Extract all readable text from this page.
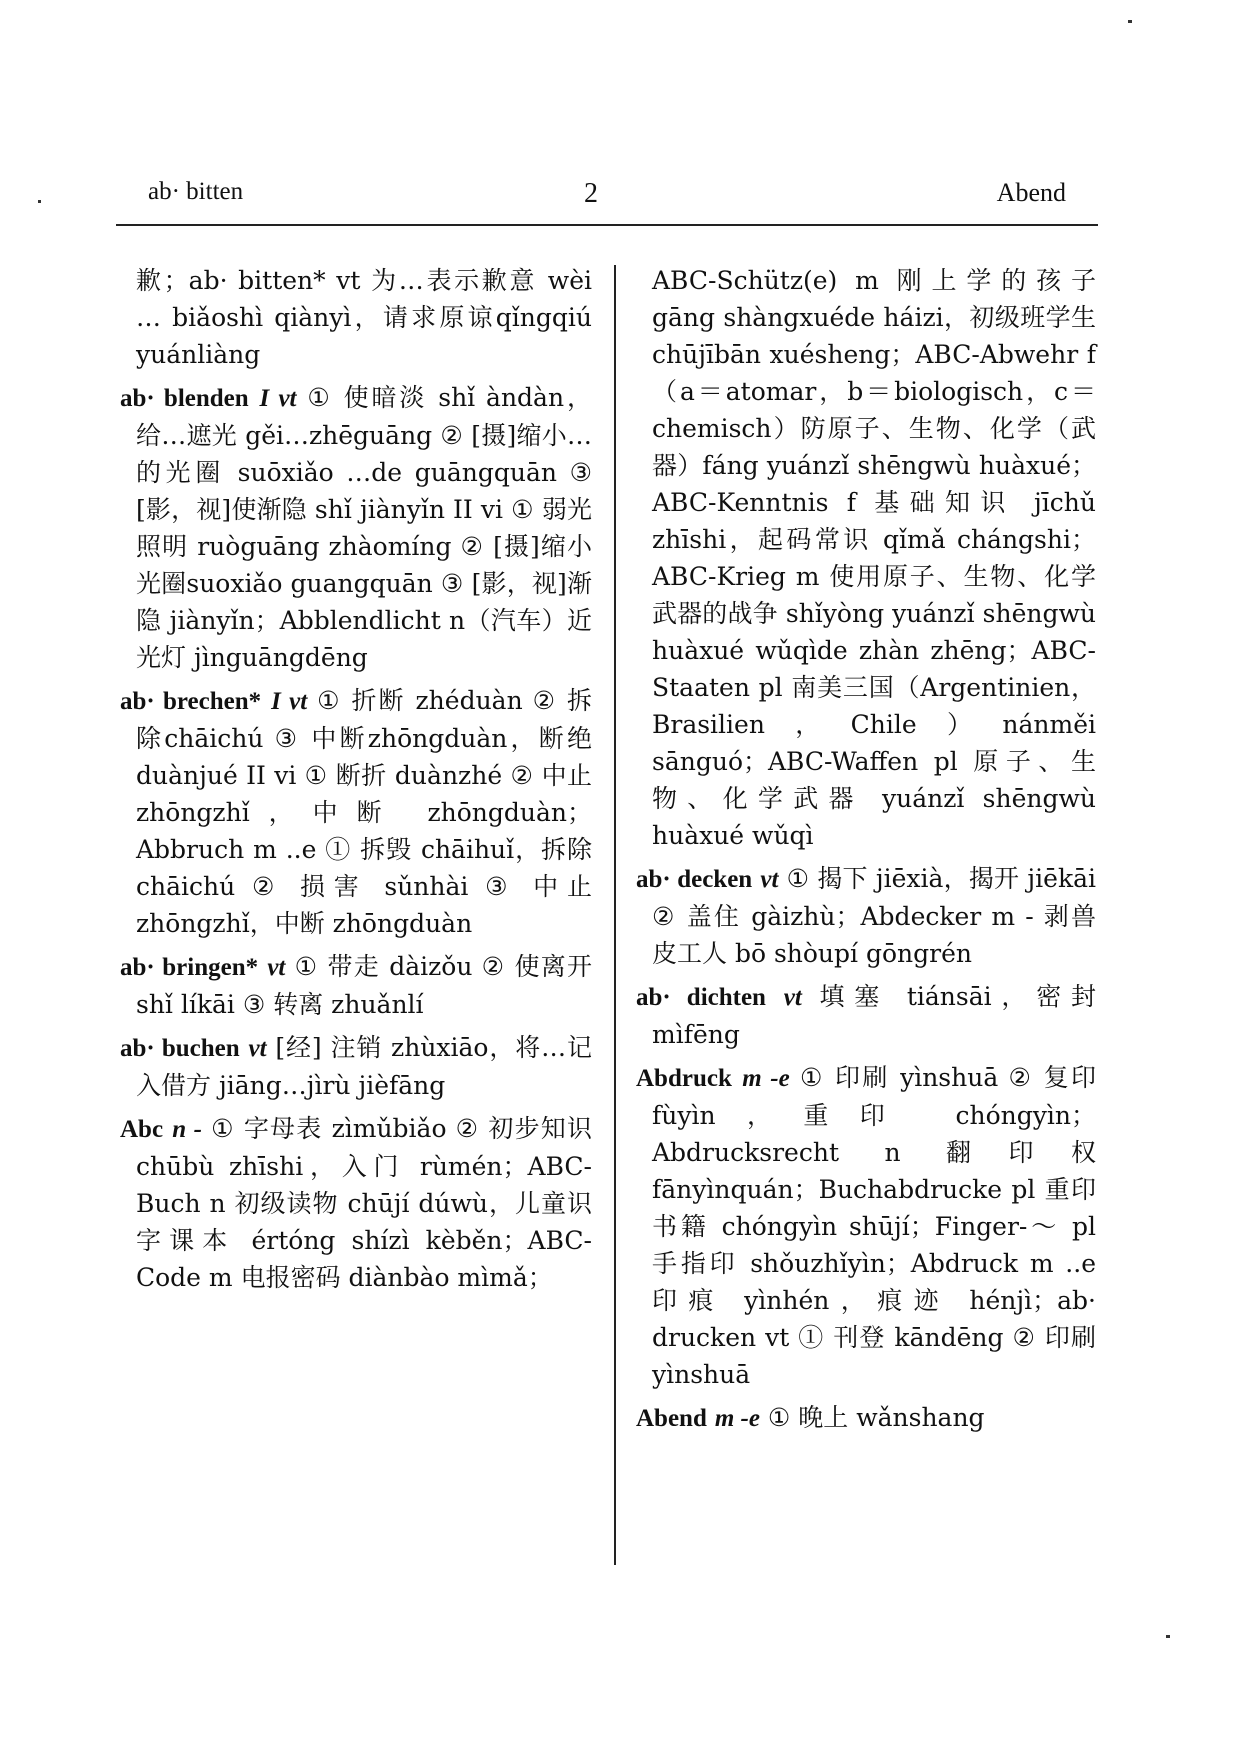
ab· bitten	2	Abend

歉；ab· bitten* vt 为…表示歉意 wèi … biǎoshì qiànyì，请求原谅qǐngqiú yuánliàng

ab· blenden I vt ① 使暗淡 shǐ àndàn，给…遮光 gěi…zhēguāng ② [摄]缩小…的光圈 suōxiǎo …de guāngquān ③ [影，视]使渐隐 shǐ jiànyǐn II vi ① 弱光照明 ruòguāng zhàomíng ② [摄]缩小光圈suoxiǎo guangquān ③ [影，视]渐隐 jiànyǐn；Abblendlicht n（汽车）近光灯 jìnguāngdēng

ab· brechen* I vt ① 折断 zhéduàn ② 拆除chāichú ③ 中断zhōngduàn，断绝duànjué II vi ① 断折 duànzhé ② 中止 zhōngzhǐ，中断 zhōngduàn；Abbruch m ..e ① 拆毁 chāihuǐ，拆除 chāichú ② 损害 sǔnhài ③ 中止 zhōngzhǐ，中断 zhōngduàn

ab· bringen* vt ① 带走 dàizǒu ② 使离开 shǐ líkāi ③ 转离 zhuǎnlí

ab· buchen vt [经] 注销 zhùxiāo，将…记入借方 jiāng…jìrù jièfāng

Abc n - ① 字母表 zìmǔbiǎo ② 初步知识 chūbù zhīshi，入门 rùmén；ABC-Buch n 初级读物 chūjí dúwù，儿童识字课本 értóng shízì kèběn；ABC-Code m 电报密码 diànbào mìmǎ；

ABC-Schütz(e) m 刚上学的孩子 gāng shàngxuéde háizi，初级班学生 chūjībān xuésheng；ABC-Abwehr f（a＝atomar，b＝biologisch，c＝chemisch）防原子、生物、化学（武器）fáng yuánzǐ shēngwù huàxué；ABC-Kenntnis f 基础知识 jīchǔ zhīshi，起码常识 qǐmǎ chángshi；ABC-Krieg m 使用原子、生物、化学武器的战争 shǐyòng yuánzǐ shēngwù huàxué wǔqìde zhàn zhēng；ABC-Staaten pl 南美三国（Argentinien，Brasilien，Chile）nánměi sānguó；ABC-Waffen pl 原子、生物、化学武器 yuánzǐ shēngwù huàxué wǔqì

ab· decken vt ① 揭下 jiēxià，揭开 jiēkāi ② 盖住 gàizhù；Abdecker m - 剥兽皮工人 bō shòupí gōngrén

ab· dichten vt 填塞 tiánsāi，密封 mìfēng

Abdruck m -e ① 印刷 yìnshuā ② 复印 fùyìn，重印 chóngyìn；Abdrucksrecht n 翻印权 fānyìnquán；Buchabdrucke pl 重印书籍 chóngyìn shūjí；Finger-～ pl 手指印 shǒuzhǐyìn；Abdruck m ..e 印痕 yìnhén，痕迹 hénjì；ab· drucken vt ① 刊登 kāndēng ② 印刷yìnshuā

Abend m -e ① 晚上 wǎnshang
